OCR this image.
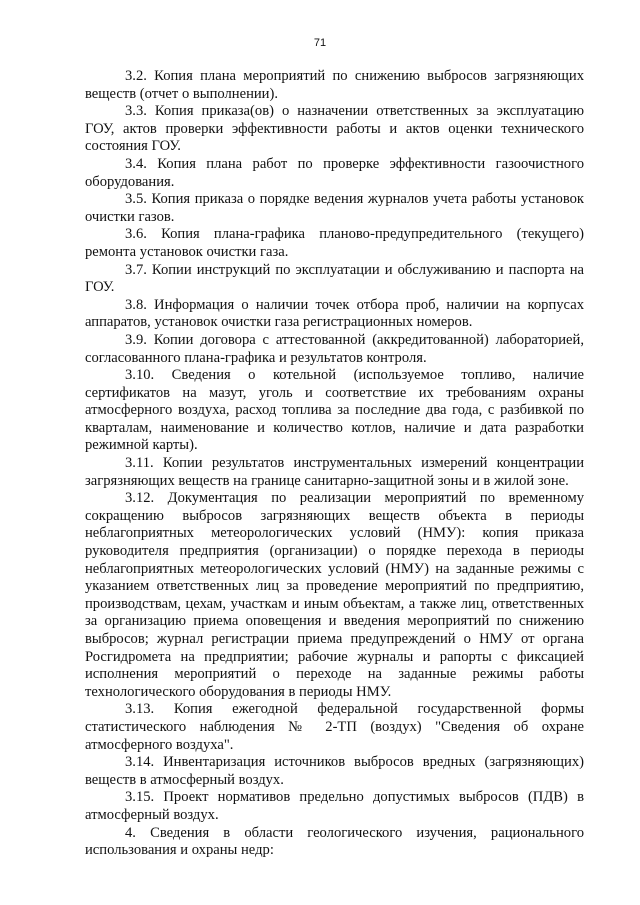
71

3.2. Копия плана мероприятий по снижению выбросов загрязняющих веществ (отчет о выполнении).

3.3. Копия приказа(ов) о назначении ответственных за эксплуатацию ГОУ, актов проверки эффективности работы и актов оценки технического состояния ГОУ.

3.4. Копия плана работ по проверке эффективности газоочистного оборудования.

3.5. Копия приказа о порядке ведения журналов учета работы установок очистки газов.

3.6. Копия плана-графика планово-предупредительного (текущего) ремонта установок очистки газа.

3.7. Копии инструкций по эксплуатации и обслуживанию и паспорта на ГОУ.

3.8. Информация о наличии точек отбора проб, наличии на корпусах аппаратов, установок очистки газа регистрационных номеров.

3.9. Копии договора с аттестованной (аккредитованной) лабораторией, согласованного плана-графика и результатов контроля.

3.10. Сведения о котельной (используемое топливо, наличие сертификатов на мазут, уголь и соответствие их требованиям охраны атмосферного воздуха, расход топлива за последние два года, с разбивкой по кварталам, наименование и количество котлов, наличие и дата разработки режимной карты).

3.11. Копии результатов инструментальных измерений концентрации загрязняющих веществ на границе санитарно-защитной зоны и в жилой зоне.

3.12. Документация по реализации мероприятий по временному сокращению выбросов загрязняющих веществ объекта в периоды неблагоприятных метеорологических условий (НМУ): копия приказа руководителя предприятия (организации) о порядке перехода в периоды неблагоприятных метеорологических условий (НМУ) на заданные режимы с указанием ответственных лиц за проведение мероприятий по предприятию, производствам, цехам, участкам и иным объектам, а также лиц, ответственных за организацию приема оповещения и введения мероприятий по снижению выбросов; журнал регистрации приема предупреждений о НМУ от органа Росгидромета на предприятии; рабочие журналы и рапорты с фиксацией исполнения мероприятий о переходе на заданные режимы работы технологического оборудования в периоды НМУ.

3.13. Копия ежегодной федеральной государственной формы статистического наблюдения № 2-ТП (воздух) "Сведения об охране атмосферного воздуха".

3.14. Инвентаризация источников выбросов вредных (загрязняющих) веществ в атмосферный воздух.

3.15. Проект нормативов предельно допустимых выбросов (ПДВ) в атмосферный воздух.

4. Сведения в области геологического изучения, рационального использования и охраны недр:
